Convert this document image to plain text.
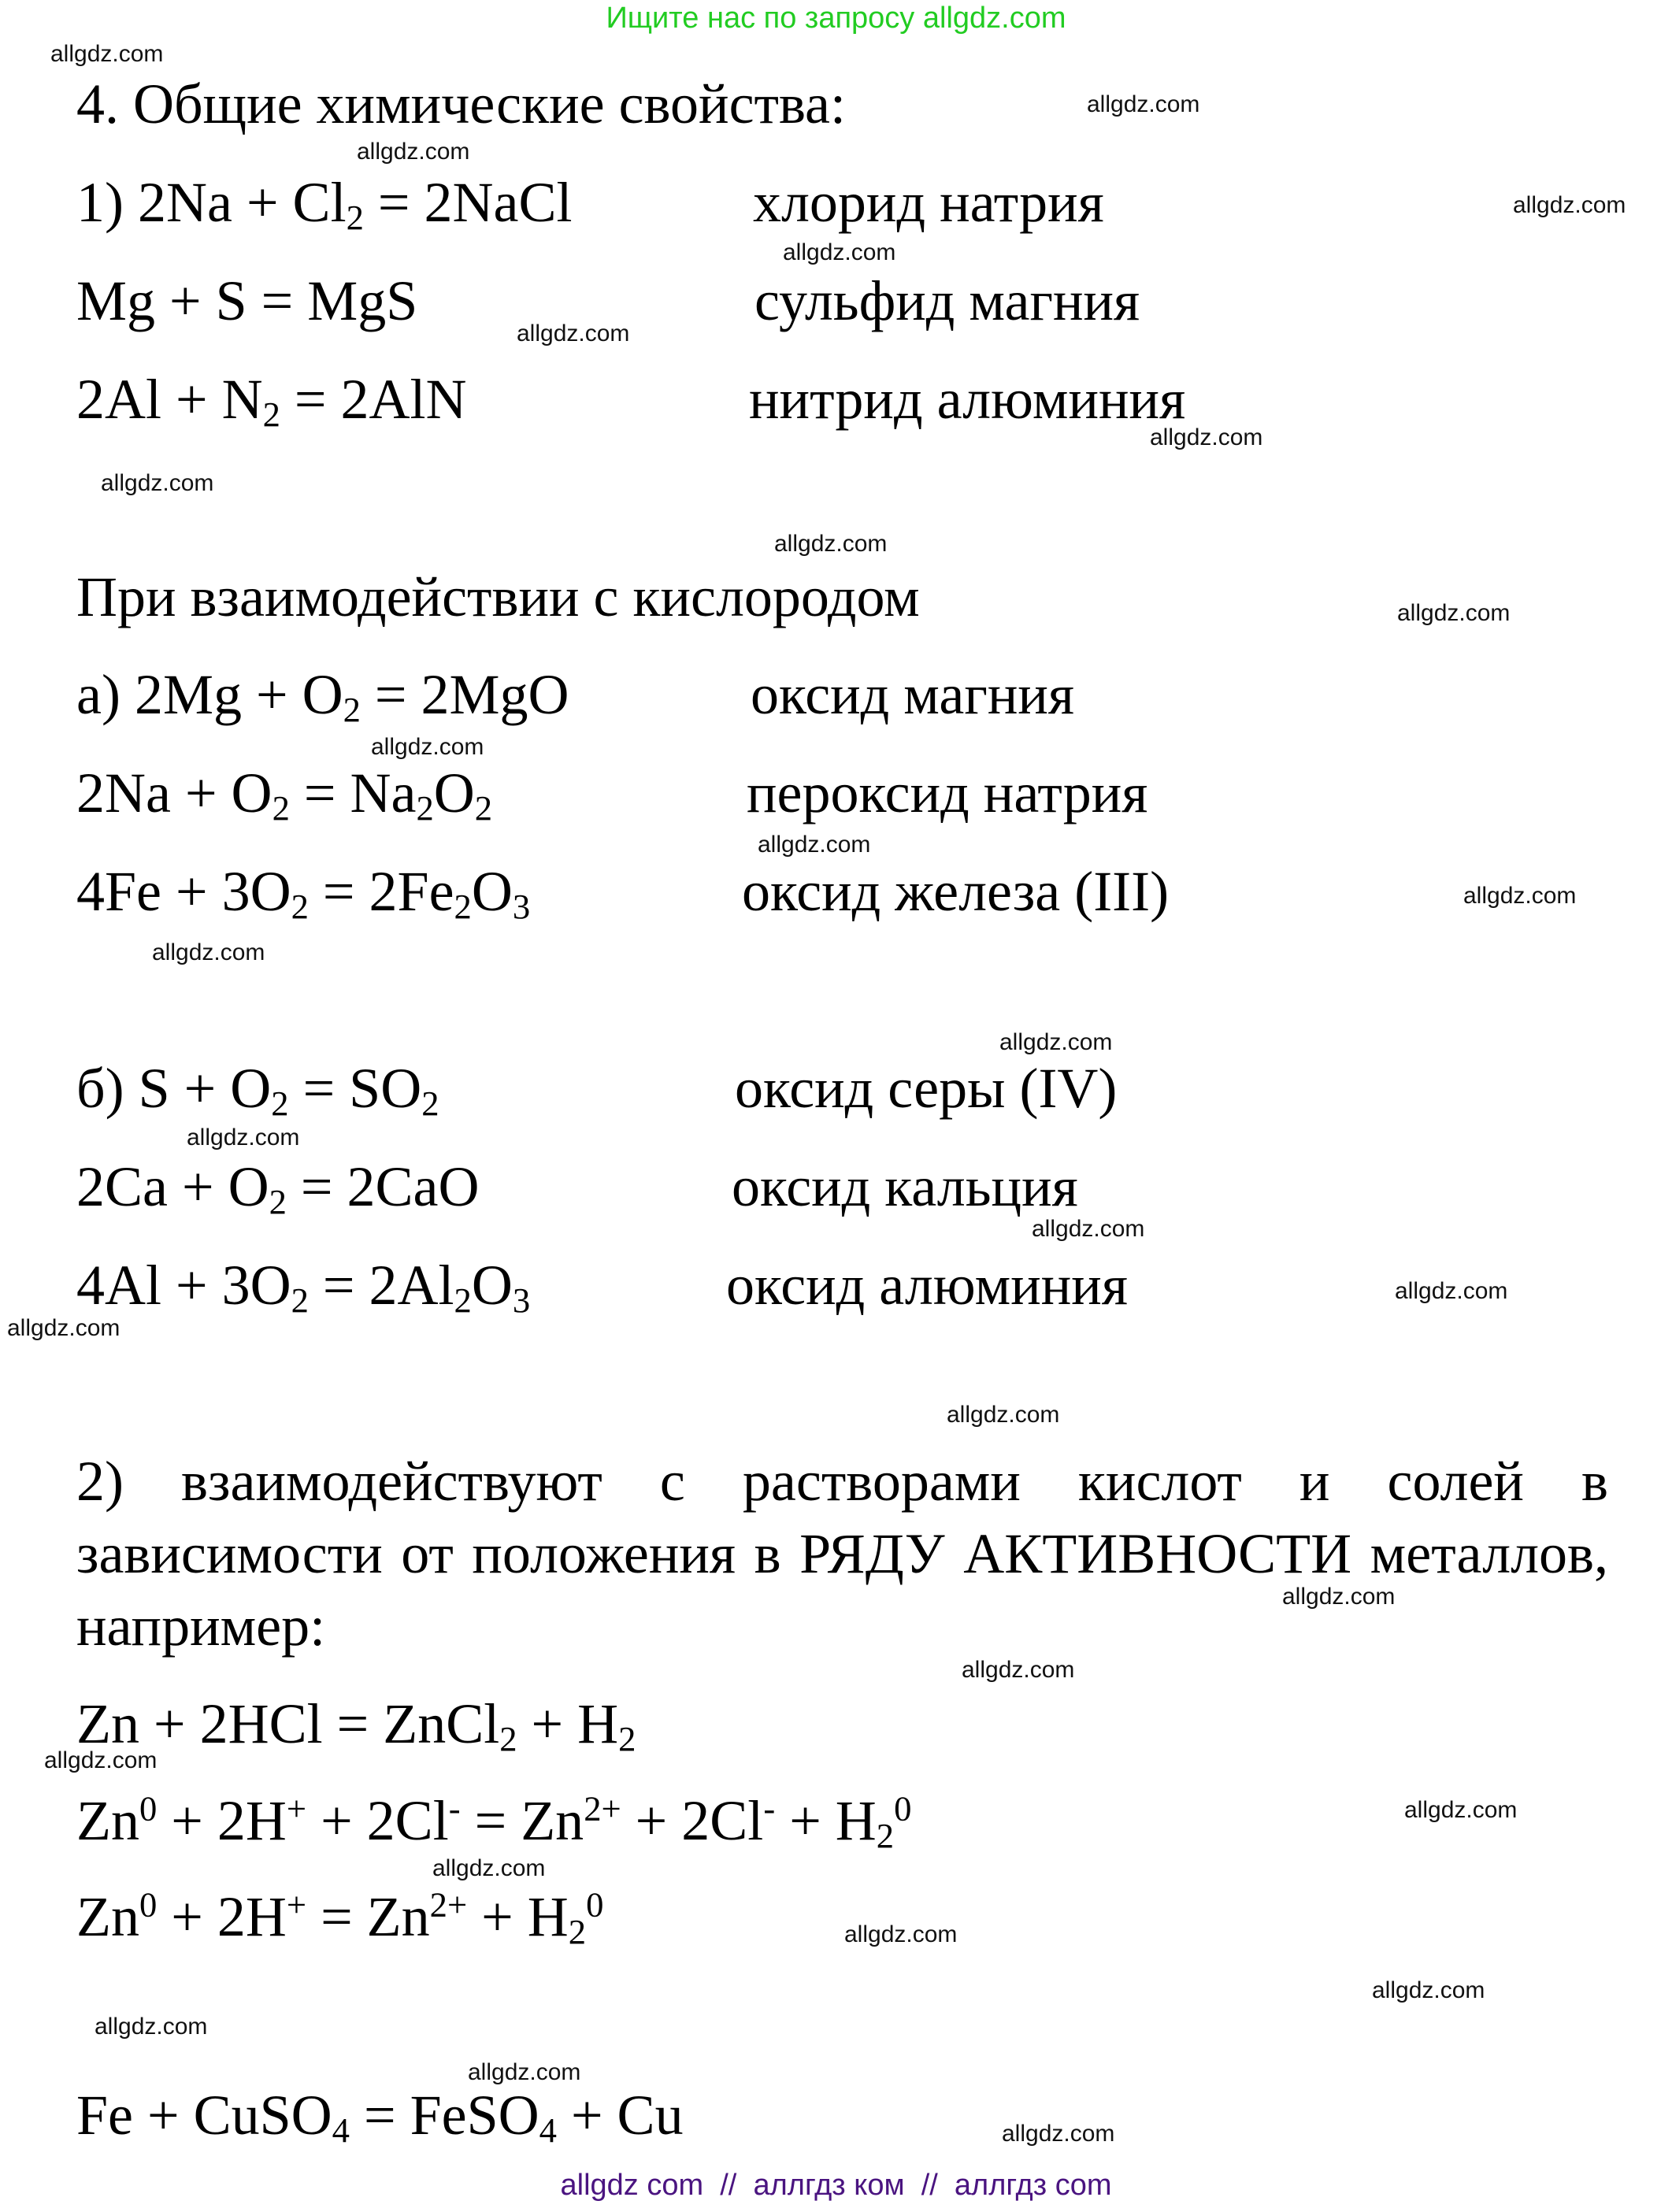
Ищите нас по запросу allgdz.com
allgdz.com
allgdz.com
allgdz.com
allgdz.com
allgdz.com
allgdz.com
allgdz.com
allgdz.com
allgdz.com
allgdz.com
allgdz.com
allgdz.com
allgdz.com
allgdz.com
allgdz.com
allgdz.com
allgdz.com
allgdz.com
allgdz.com
allgdz.com
allgdz.com
allgdz.com
allgdz.com
allgdz.com
allgdz.com
allgdz.com
allgdz.com
allgdz.com
allgdz.com
allgdz.com
4. Общие химические свойства:
1) $2Na + Cl_2$ = 2NaCl	хлорид натрия
Mg + S = MgS	сульфид магния
$2Al + N_2 = 2AlN$	нитрид алюминия
При взаимодействии с кислородом
а) $2Mg + O_2 = 2MgO$	оксид магния
$2Na + O_2 = Na_2O_2$	пероксид натрия
$4Fe + 3O_2 = 2Fe_2O_3$	оксид железа (III)
б) $S + O_2 = SO_2$	оксид серы (IV)
$2Ca + O_2 = 2CaO$	оксид кальция
$4Al + 3O_2 = 2Al_2O_3$	оксид алюминия
2) взаимодействуют с растворами кислот и солей в зависимости от положения в РЯДУ АКТИВНОСТИ металлов, например:
Zn + 2HCl = ZnCl$_2$ + $H_2$
$Zn^0 + 2H^+ + 2Cl^- = Zn^{2+} + 2Cl^- + H_2^0$
$Zn^0 + 2H^+ = Zn^{2+} + H_2^0$
Fe + CuSO$_4$ = FeSO$_4$ + Cu
allgdz com  //  аллгдз ком  //  аллгдз com
